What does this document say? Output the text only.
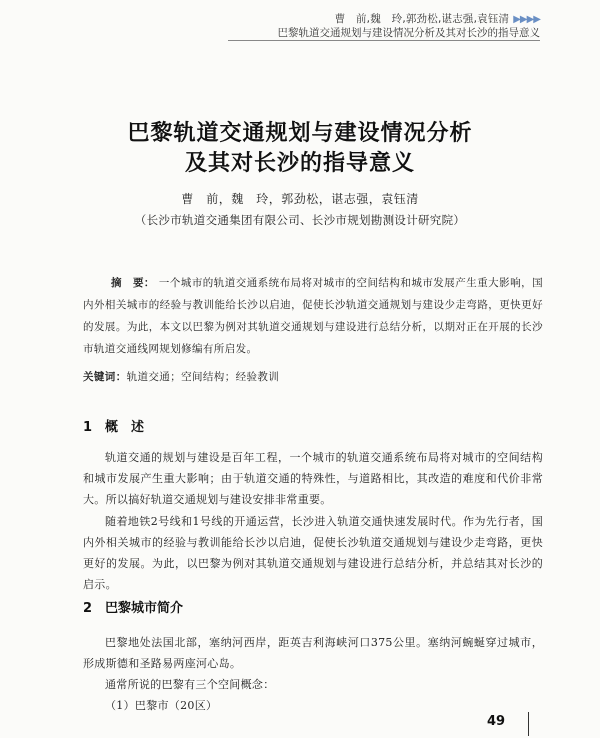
曹　前,魏　玲,郭劲松,谌志强,袁钰清 ▶▶▶▶
巴黎轨道交通规划与建设情况分析及其对长沙的指导意义
巴黎轨道交通规划与建设情况分析
及其对长沙的指导意义
曹　前，魏　玲，郭劲松，谌志强，袁钰清
（长沙市轨道交通集团有限公司、长沙市规划勘测设计研究院）

摘　要： 一个城市的轨道交通系统布局将对城市的空间结构和城市发展产生重大影响，国内外相关城市的经验与教训能给长沙以启迪，促使长沙轨道交通规划与建设少走弯路，更快更好的发展。为此，本文以巴黎为例对其轨道交通规划与建设进行总结分析，以期对正在开展的长沙市轨道交通线网规划修编有所启发。

关键词：轨道交通；空间结构；经验教训
1 概　述

轨道交通的规划与建设是百年工程，一个城市的轨道交通系统布局将对城市的空间结构和城市发展产生重大影响；由于轨道交通的特殊性，与道路相比，其改造的难度和代价非常大。所以搞好轨道交通规划与建设安排非常重要。

随着地铁2号线和1号线的开通运营，长沙进入轨道交通快速发展时代。作为先行者，国内外相关城市的经验与教训能给长沙以启迪，促使长沙轨道交通规划与建设少走弯路，更快更好的发展。为此，以巴黎为例对其轨道交通规划与建设进行总结分析，并总结其对长沙的启示。

2 巴黎城市简介

巴黎地处法国北部，塞纳河西岸，距英吉利海峡河口375公里。塞纳河蜿蜒穿过城市，形成斯德和圣路易两座河心岛。

通常所说的巴黎有三个空间概念：

（1）巴黎市（20区）

49
